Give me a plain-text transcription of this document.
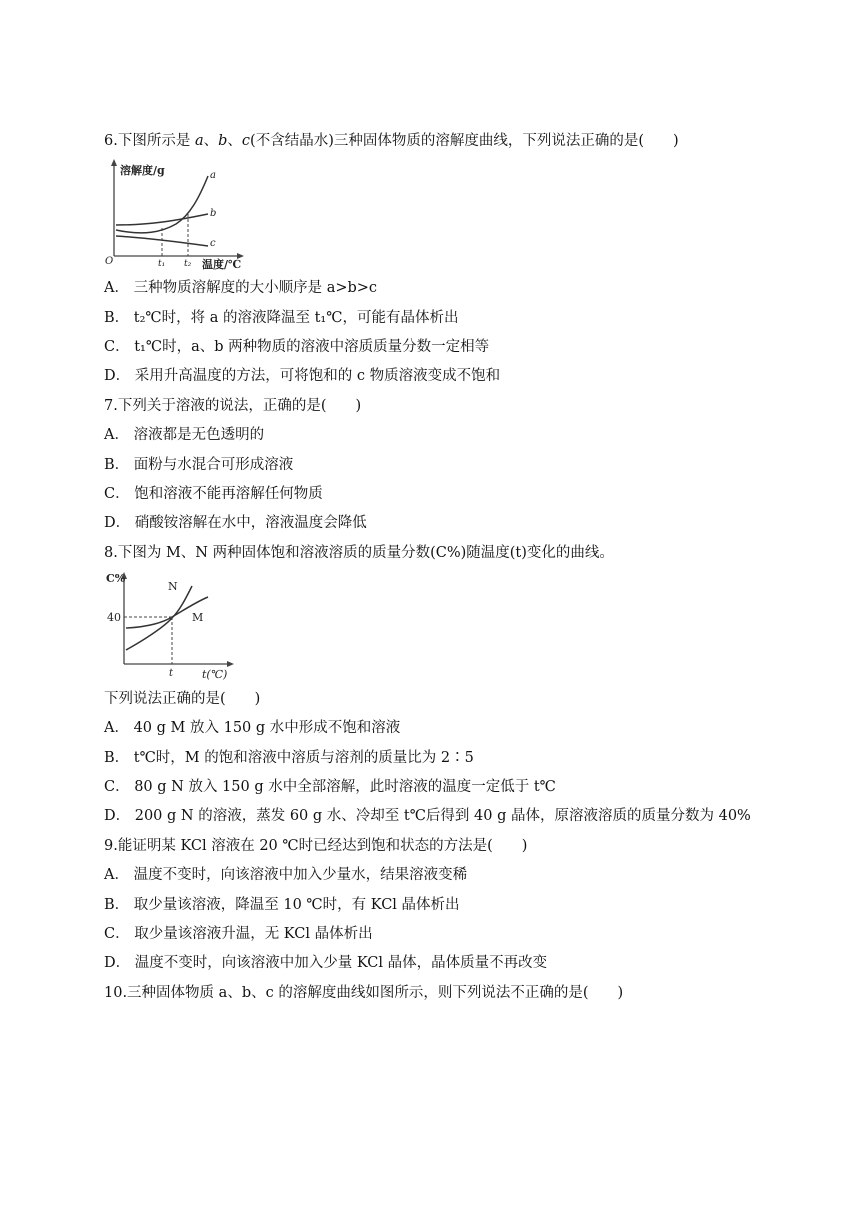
6.下图所示是 a、b、c(不含结晶水)三种固体物质的溶解度曲线，下列说法正确的是(　　)
溶解度/g
温度/℃
O	t₁ t₂
a
b
c
A． 三种物质溶解度的大小顺序是 a>b>c
B． t₂℃时，将 a 的溶液降温至 t₁℃，可能有晶体析出
C． t₁℃时，a、b 两种物质的溶液中溶质质量分数一定相等
D． 采用升高温度的方法，可将饱和的 c 物质溶液变成不饱和
7.下列关于溶液的说法，正确的是(　　)
A． 溶液都是无色透明的
B． 面粉与水混合可形成溶液
C． 饱和溶液不能再溶解任何物质
D． 硝酸铵溶解在水中，溶液温度会降低
8.下图为 M、N 两种固体饱和溶液溶质的质量分数(C%)随温度(t)变化的曲线。
C%
t(℃)
40
t
N
M
下列说法正确的是(　　)
A． 40 g M 放入 150 g 水中形成不饱和溶液
B． t℃时，M 的饱和溶液中溶质与溶剂的质量比为 2∶5
C． 80 g N 放入 150 g 水中全部溶解，此时溶液的温度一定低于 t℃
D． 200 g N 的溶液，蒸发 60 g 水、冷却至 t℃后得到 40 g 晶体，原溶液溶质的质量分数为 40%
9.能证明某 KCl 溶液在 20 ℃时已经达到饱和状态的方法是(　　)
A． 温度不变时，向该溶液中加入少量水，结果溶液变稀
B． 取少量该溶液，降温至 10 ℃时，有 KCl 晶体析出
C． 取少量该溶液升温，无 KCl 晶体析出
D． 温度不变时，向该溶液中加入少量 KCl 晶体，晶体质量不再改变
10.三种固体物质 a、b、c 的溶解度曲线如图所示，则下列说法不正确的是(　　)
